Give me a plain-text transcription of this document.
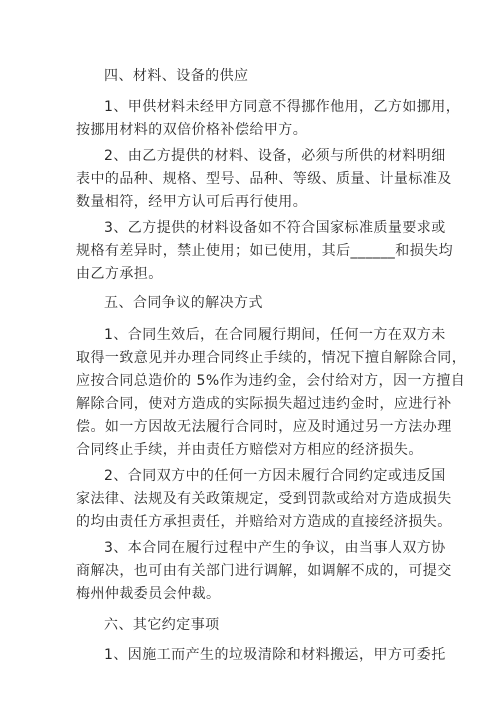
四、材料、设备的供应
1、甲供材料未经甲方同意不得挪作他用，乙方如挪用，
按挪用材料的双倍价格补偿给甲方。
2、由乙方提供的材料、设备，必须与所供的材料明细
表中的品种、规格、型号、品种、等级、质量、计量标准及
数量相符，经甲方认可后再行使用。
3、乙方提供的材料设备如不符合国家标准质量要求或
规格有差异时，禁止使用；如已使用，其后______和损失均
由乙方承担。
五、合同争议的解决方式
1、合同生效后，在合同履行期间，任何一方在双方未
取得一致意见并办理合同终止手续的，情况下擅自解除合同，
应按合同总造价的 5%作为违约金，会付给对方，因一方擅自
解除合同，使对方造成的实际损失超过违约金时，应进行补
偿。如一方因故无法履行合同时，应及时通过另一方法办理
合同终止手续，并由责任方赔偿对方相应的经济损失。
2、合同双方中的任何一方因未履行合同约定或违反国
家法律、法规及有关政策规定，受到罚款或给对方造成损失
的均由责任方承担责任，并赔给对方造成的直接经济损失。
3、本合同在履行过程中产生的争议，由当事人双方协
商解决，也可由有关部门进行调解，如调解不成的，可提交
梅州仲裁委员会仲裁。
六、其它约定事项
1、因施工而产生的垃圾清除和材料搬运，甲方可委托
